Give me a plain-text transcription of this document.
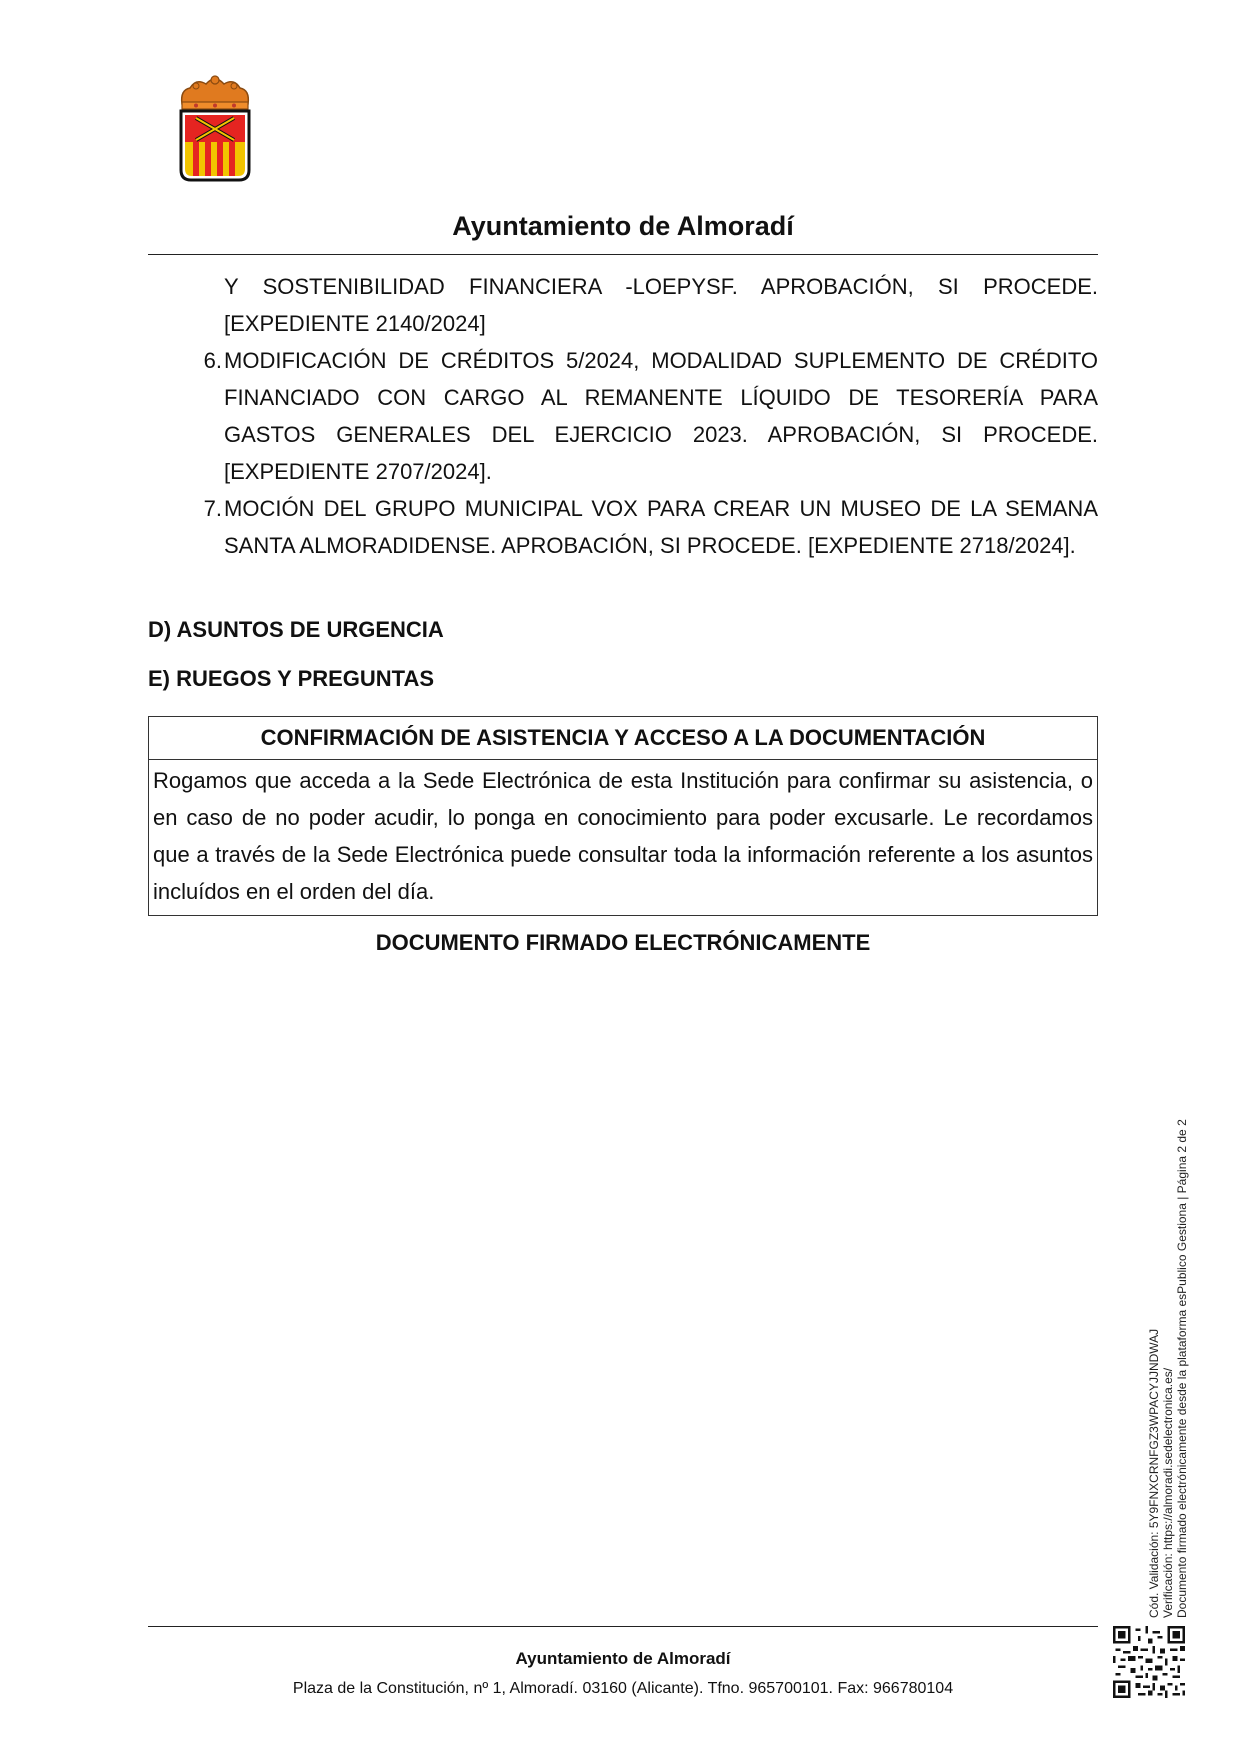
Ayuntamiento de Almoradí
Y SOSTENIBILIDAD FINANCIERA -LOEPYSF. APROBACIÓN, SI PROCEDE. [EXPEDIENTE 2140/2024]
6. MODIFICACIÓN DE CRÉDITOS 5/2024, MODALIDAD SUPLEMENTO DE CRÉDITO FINANCIADO CON CARGO AL REMANENTE LÍQUIDO DE TESORERÍA PARA GASTOS GENERALES DEL EJERCICIO 2023. APROBACIÓN, SI PROCEDE. [EXPEDIENTE 2707/2024].
7. MOCIÓN DEL GRUPO MUNICIPAL VOX PARA CREAR UN MUSEO DE LA SEMANA SANTA ALMORADIDENSE. APROBACIÓN, SI PROCEDE. [EXPEDIENTE 2718/2024].
D) ASUNTOS DE URGENCIA
E) RUEGOS Y PREGUNTAS
CONFIRMACIÓN DE ASISTENCIA Y ACCESO A LA DOCUMENTACIÓN
Rogamos que acceda a la Sede Electrónica de esta Institución para confirmar su asistencia, o en caso de no poder acudir, lo ponga en conocimiento para poder excusarle. Le recordamos que a través de la Sede Electrónica puede consultar toda la información referente a los asuntos incluídos en el orden del día.
DOCUMENTO FIRMADO ELECTRÓNICAMENTE
Ayuntamiento de Almoradí
Plaza de la Constitución, nº 1, Almoradí. 03160 (Alicante). Tfno. 965700101. Fax: 966780104
Cód. Validación: 5Y9FNXCRNFGZ3WPACYJJNDWAJ Verificación: https://almoradi.sedelectronica.es/ Documento firmado electrónicamente desde la plataforma esPublico Gestiona | Página 2 de 2
